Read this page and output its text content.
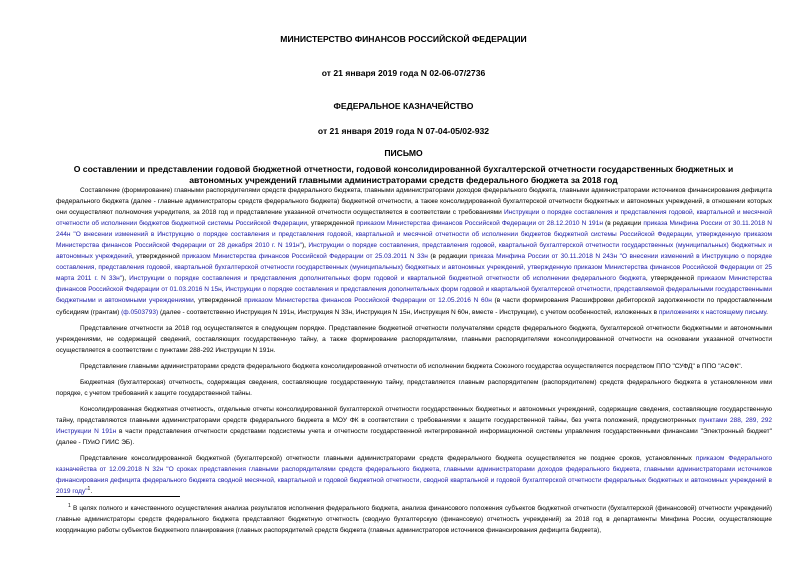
МИНИСТЕРСТВО ФИНАНСОВ РОССИЙСКОЙ ФЕДЕРАЦИИ
от 21 января 2019 года N 02-06-07/2736
ФЕДЕРАЛЬНОЕ КАЗНАЧЕЙСТВО
от 21 января 2019 года N 07-04-05/02-932
ПИСЬМО
О составлении и представлении годовой бюджетной отчетности, годовой консолидированной бухгалтерской отчетности государственных бюджетных и
автономных учреждений главными администраторами средств федерального бюджета за 2018 год

Составление (формирование) главными распорядителями средств федерального бюджета, главными администраторами доходов федерального бюджета, главными администраторами источников финансирования дефицита федерального бюджета (далее - главные администраторы средств федерального бюджета) бюджетной отчетности, а также консолидированной бухгалтерской отчетности бюджетных и автономных учреждений, в отношении которых они осуществляют полномочия учредителя, за 2018 год и представление указанной отчетности осуществляется в соответствии с требованиями Инструкции о порядке составления и представления годовой, квартальной и месячной отчетности об исполнении бюджетов бюджетной системы Российской Федерации, утвержденной приказом Министерства финансов Российской Федерации от 28.12.2010 N 191н (в редакции приказа Минфина России от 30.11.2018 N 244н "О внесении изменений в Инструкцию о порядке составления и представления годовой, квартальной и месячной отчетности об исполнении бюджетов бюджетной системы Российской Федерации, утвержденную приказом Министерства финансов Российской Федерации от 28 декабря 2010 г. N 191н"), Инструкции о порядке составления, представления годовой, квартальной бухгалтерской отчетности государственных (муниципальных) бюджетных и автономных учреждений, утвержденной приказом Министерства финансов Российской Федерации от 25.03.2011 N 33н (в редакции приказа Минфина России от 30.11.2018 N 243н "О внесении изменений в Инструкцию о порядке составления, представления годовой, квартальной бухгалтерской отчетности государственных (муниципальных) бюджетных и автономных учреждений, утвержденную приказом Министерства финансов Российской Федерации от 25 марта 2011 г. N 33н"), Инструкции о порядке составления и представления дополнительных форм годовой и квартальной бюджетной отчетности об исполнении федерального бюджета, утвержденной приказом Министерства финансов Российской Федерации от 01.03.2016 N 15н, Инструкции о порядке составления и представления дополнительных форм годовой и квартальной бухгалтерской отчетности, представляемой федеральными государственными бюджетными и автономными учреждениями, утвержденной приказом Министерства финансов Российской Федерации от 12.05.2016 N 60н (в части формирования Расшифровки дебиторской задолженности по предоставленным субсидиям (грантам) (ф.0503793) (далее - соответственно Инструкция N 191н, Инструкция N 33н, Инструкция N 15н, Инструкция N 60н, вместе - Инструкции), с учетом особенностей, изложенных в приложениях к настоящему письму.

Представление отчетности за 2018 год осуществляется в следующем порядке. Представление бюджетной отчетности получателями средств федерального бюджета, бухгалтерской отчетности бюджетными и автономными учреждениями, не содержащей сведений, составляющих государственную тайну, а также формирование распорядителями, главными распорядителями консолидированной отчетности на основании указанной отчетности осуществляется в соответствии с пунктами 288-292 Инструкции N 191н.

Представление главными администраторами средств федерального бюджета консолидированной отчетности об исполнении бюджета Союзного государства осуществляется посредством ППО "СУФД" в ППО "АСФК".

Бюджетная (бухгалтерская) отчетность, содержащая сведения, составляющие государственную тайну, представляется главным распорядителем (распорядителем) средств федерального бюджета в установленном ими порядке, с учетом требований к защите государственной тайны.

Консолидированная бюджетная отчетность, отдельные отчеты консолидированной бухгалтерской отчетности государственных бюджетных и автономных учреждений, содержащие сведения, составляющие государственную тайну, представляются главными администраторами средств федерального бюджета в МОУ ФК в соответствии с требованиями к защите государственной тайны, без учета положений, предусмотренных пунктами 288, 289, 292 Инструкции N 191н в части представления отчетности средствами подсистемы учета и отчетности государственной интегрированной информационной системы управления государственными финансами "Электронный бюджет" (далее - ПУиО ГИИС ЭБ).

Представление консолидированной бюджетной (бухгалтерской) отчетности главными администраторами средств федерального бюджета осуществляется не позднее сроков, установленных приказом Федерального казначейства от 12.09.2018 N 32н "О сроках представления главными распорядителями средств федерального бюджета, главными администраторами доходов федерального бюджета, главными администраторами источников финансирования дефицита федерального бюджета сводной месячной, квартальной и годовой бюджетной отчетности, сводной квартальной и годовой бухгалтерской отчетности федеральных бюджетных и автономных учреждений в 2019 году"$^1$.

$^1$ В целях полного и качественного осуществления анализа результатов исполнения федерального бюджета, анализа финансового положения субъектов бюджетной отчетности (бухгалтерской (финансовой) отчетности учреждений) главные администраторы средств федерального бюджета представляют бюджетную отчетность (сводную бухгалтерскую (финансовую) отчетность учреждений) за 2018 год в департаменты Минфина России, осуществляющие координацию работы субъектов бюджетного планирования (главных распорядителей средств бюджета (главных администраторов источников финансирования дефицита бюджета),
